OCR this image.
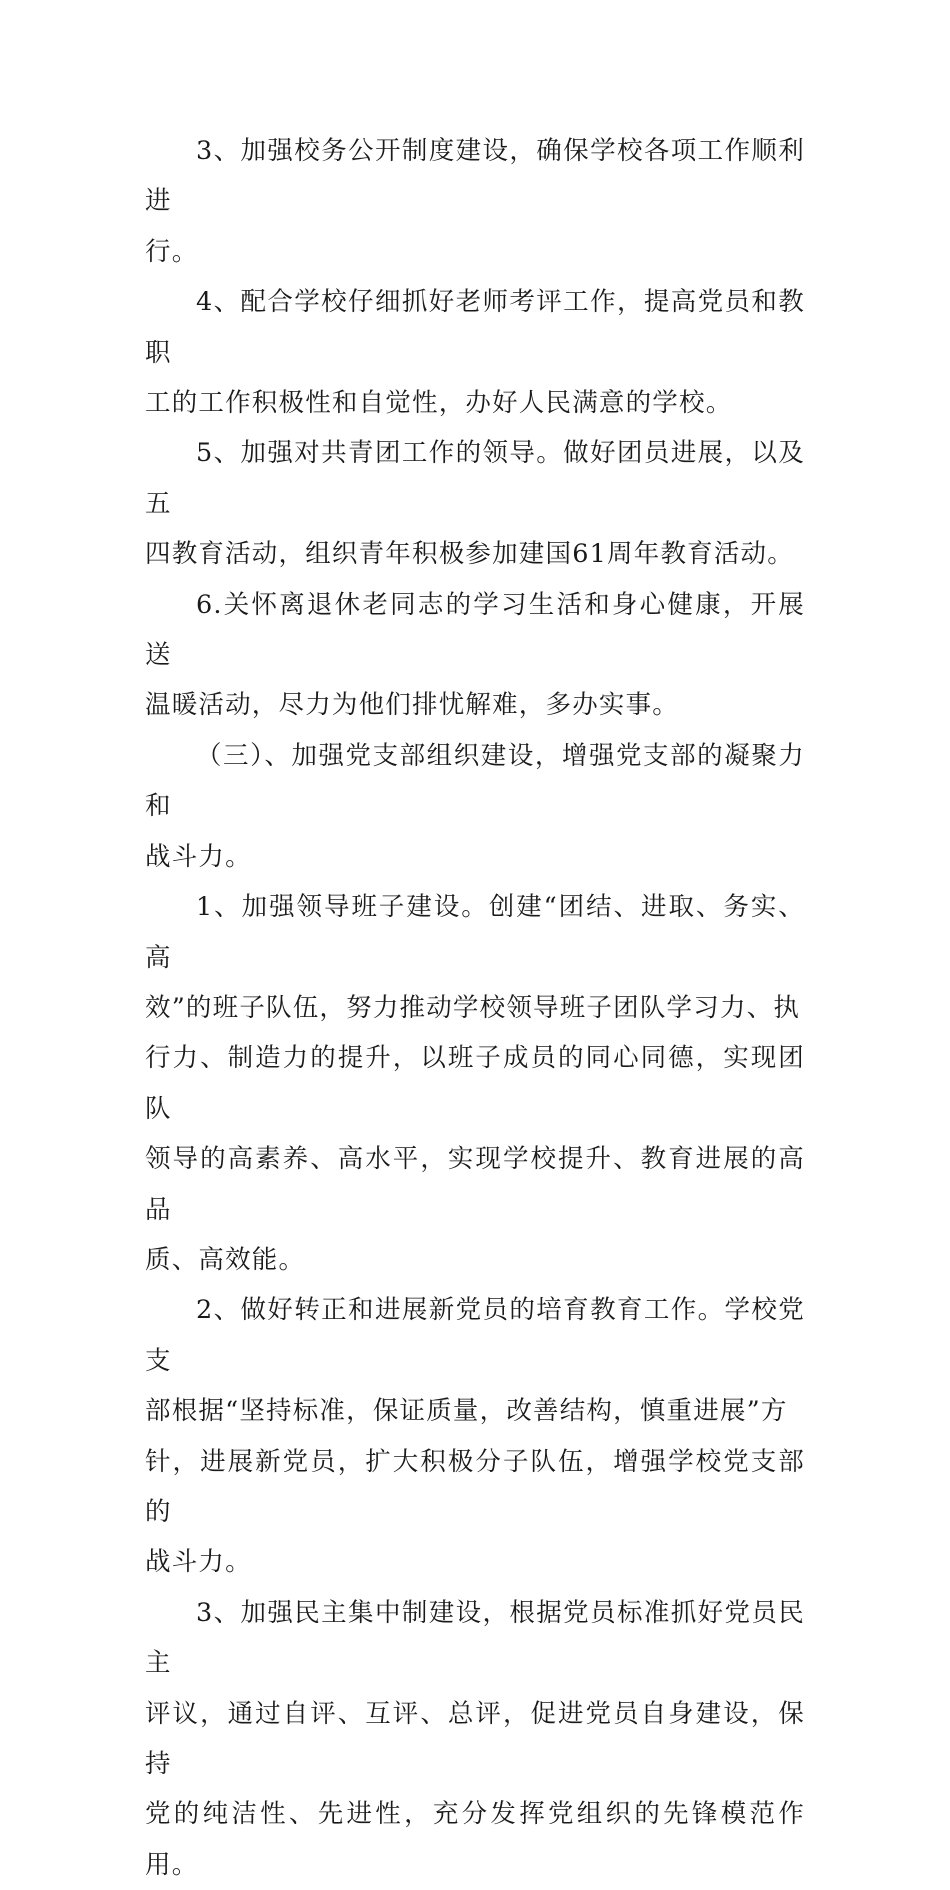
3、加强校务公开制度建设，确保学校各项工作顺利进
行。

4、配合学校仔细抓好老师考评工作，提高党员和教职
工的工作积极性和自觉性，办好人民满意的学校。

5、加强对共青团工作的领导。做好团员进展，以及五
四教育活动，组织青年积极参加建国61周年教育活动。

6.关怀离退休老同志的学习生活和身心健康，开展送
温暖活动，尽力为他们排忧解难，多办实事。

（三）、加强党支部组织建设，增强党支部的凝聚力和
战斗力。

1、加强领导班子建设。创建“团结、进取、务实、高
效”的班子队伍，努力推动学校领导班子团队学习力、执
行力、制造力的提升，以班子成员的同心同德，实现团队
领导的高素养、高水平，实现学校提升、教育进展的高品
质、高效能。

2、做好转正和进展新党员的培育教育工作。学校党支
部根据“坚持标准，保证质量，改善结构，慎重进展”方
针，进展新党员，扩大积极分子队伍，增强学校党支部的
战斗力。

3、加强民主集中制建设，根据党员标准抓好党员民主
评议，通过自评、互评、总评，促进党员自身建设，保持
党的纯洁性、先进性，充分发挥党组织的先锋模范作用。
